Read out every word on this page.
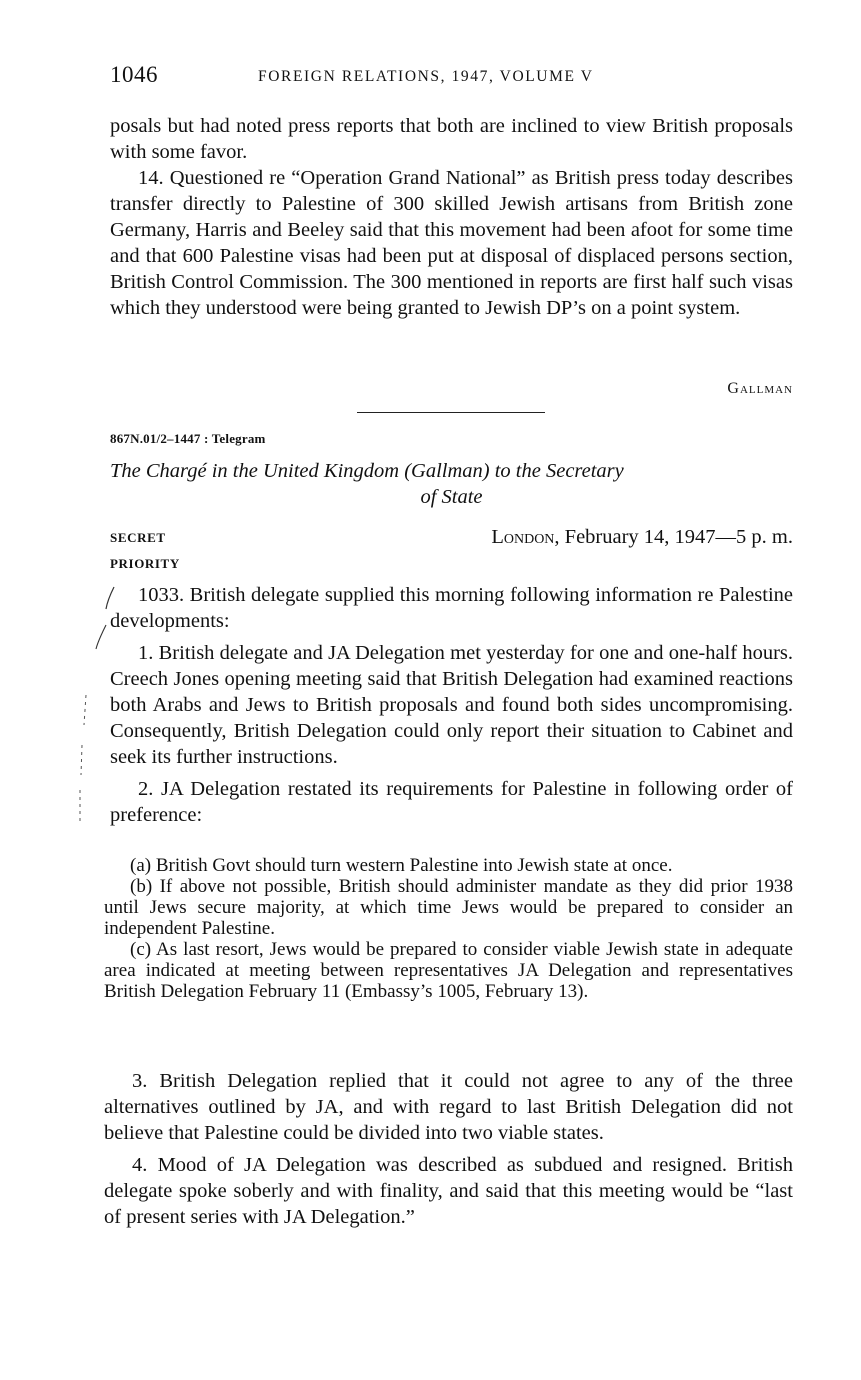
1046	FOREIGN RELATIONS, 1947, VOLUME V

posals but had noted press reports that both are inclined to view British proposals with some favor.

14. Questioned re “Operation Grand National” as British press today describes transfer directly to Palestine of 300 skilled Jewish artisans from British zone Germany, Harris and Beeley said that this movement had been afoot for some time and that 600 Palestine visas had been put at disposal of displaced persons section, British Control Commission. The 300 mentioned in reports are first half such visas which they understood were being granted to Jewish DP’s on a point system.

Gallman
867N.01/2–1447 : Telegram
The Chargé in the United Kingdom (Gallman) to the Secretary
of State
SECRET
PRIORITY
London, February 14, 1947—5 p. m.

1033. British delegate supplied this morning following information re Palestine developments:

1. British delegate and JA Delegation met yesterday for one and one-half hours. Creech Jones opening meeting said that British Delegation had examined reactions both Arabs and Jews to British proposals and found both sides uncompromising. Consequently, British Delegation could only report their situation to Cabinet and seek its further instructions.

2. JA Delegation restated its requirements for Palestine in following order of preference:

(a) British Govt should turn western Palestine into Jewish state at once.

(b) If above not possible, British should administer mandate as they did prior 1938 until Jews secure majority, at which time Jews would be prepared to consider an independent Palestine.

(c) As last resort, Jews would be prepared to consider viable Jewish state in adequate area indicated at meeting between representatives JA Delegation and representatives British Delegation February 11 (Embassy’s 1005, February 13).

3. British Delegation replied that it could not agree to any of the three alternatives outlined by JA, and with regard to last British Delegation did not believe that Palestine could be divided into two viable states.

4. Mood of JA Delegation was described as subdued and resigned. British delegate spoke soberly and with finality, and said that this meeting would be “last of present series with JA Delegation.”
